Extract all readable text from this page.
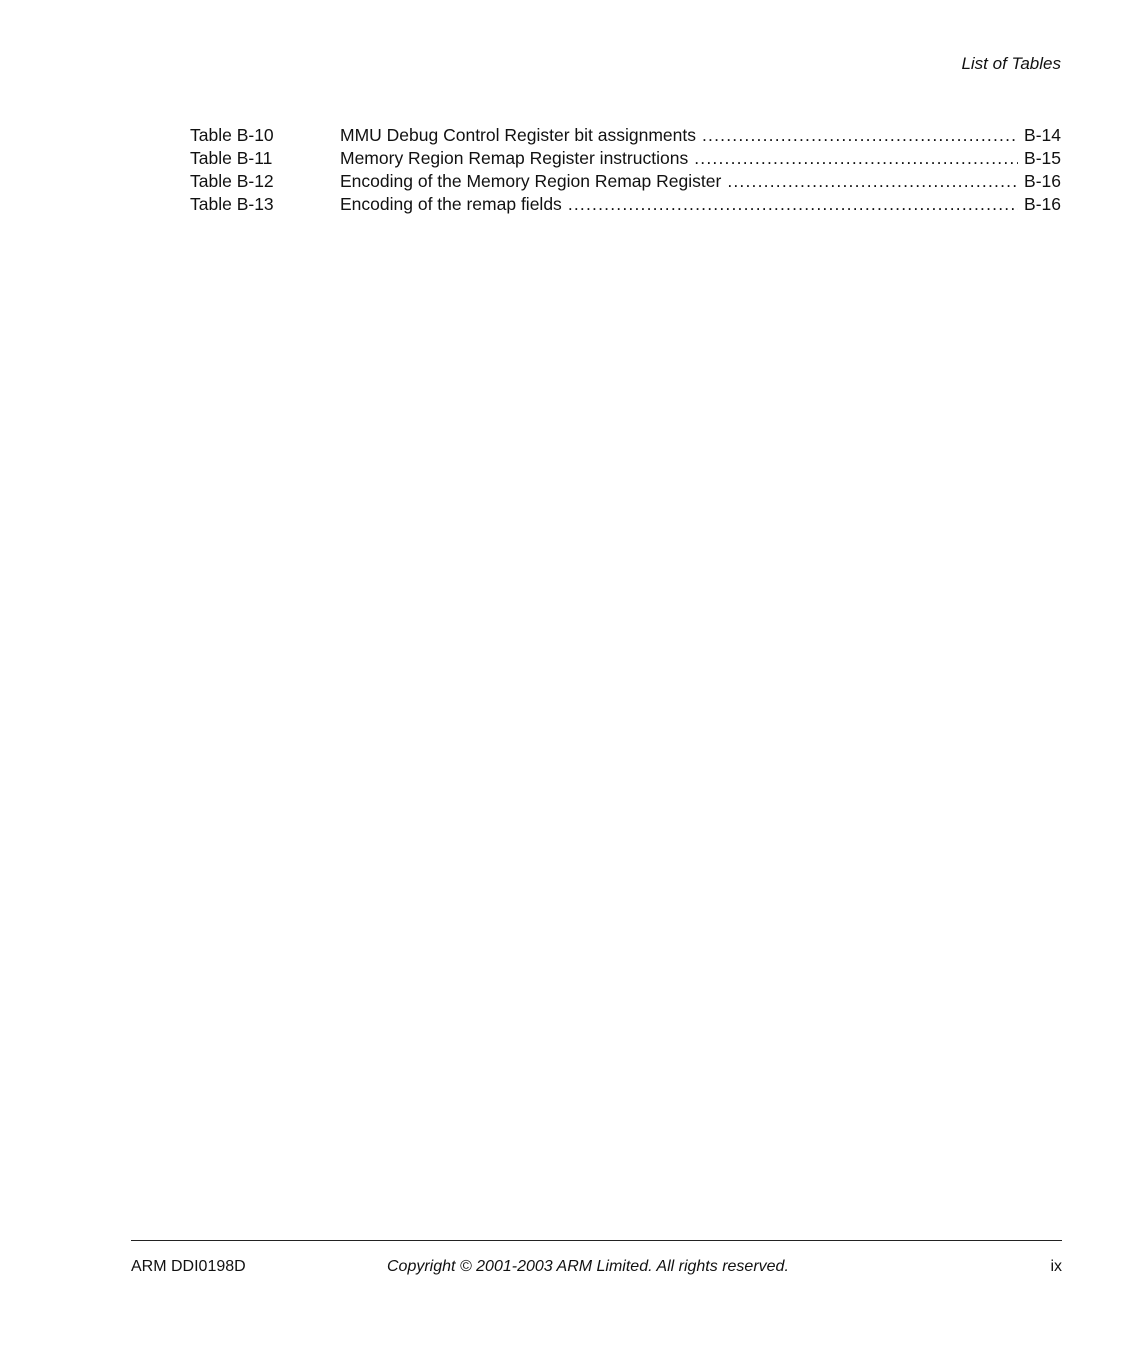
List of Tables
Table B-10	MMU Debug Control Register bit assignments .....	B-14
Table B-11	Memory Region Remap Register instructions .....	B-15
Table B-12	Encoding of the Memory Region Remap Register .....	B-16
Table B-13	Encoding of the remap fields .....	B-16
ARM DDI0198D	Copyright © 2001-2003 ARM Limited. All rights reserved.	ix
